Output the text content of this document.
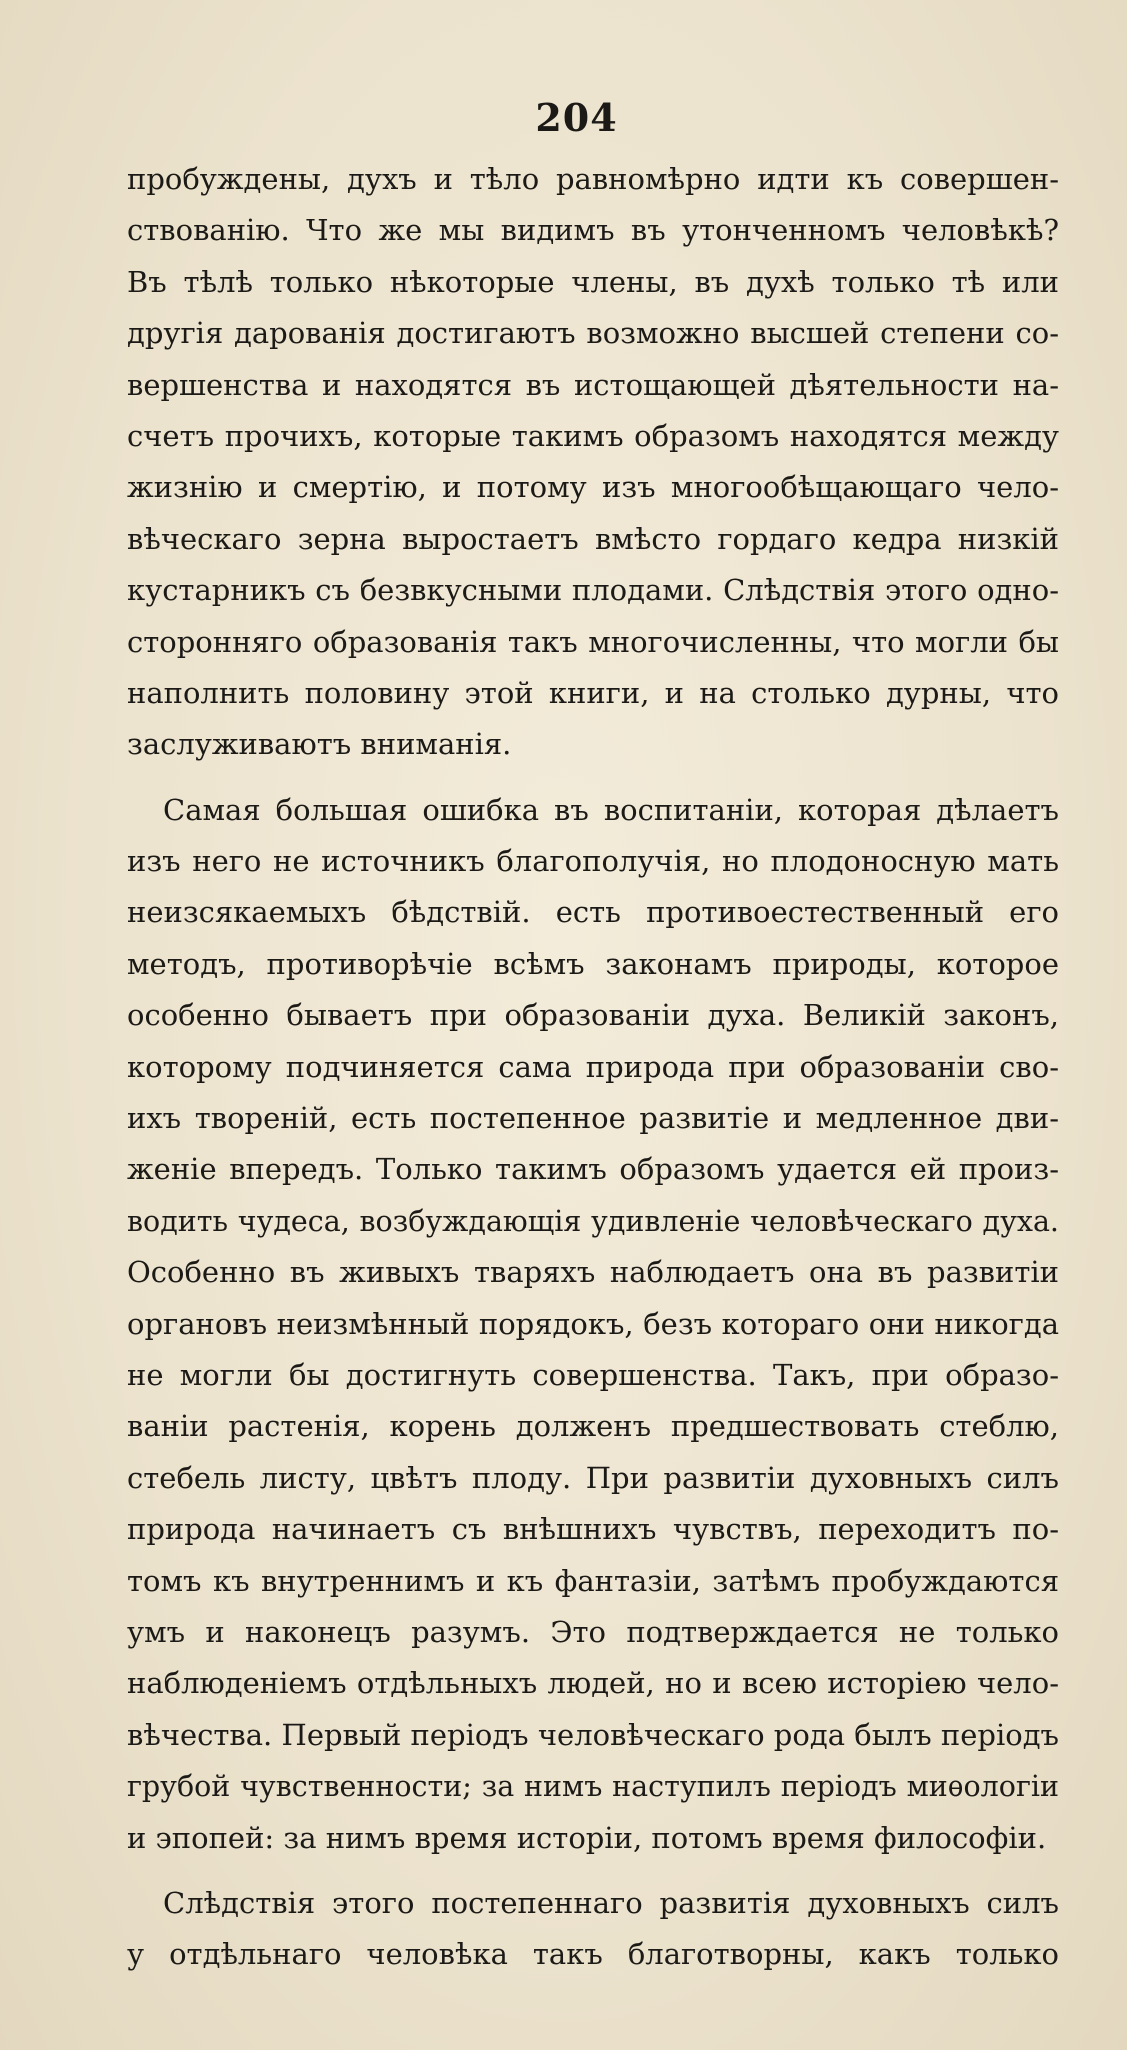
204
пробуждены, духъ и тѣло равномѣрно идти къ совершен-
ствованію. Что же мы видимъ въ утонченномъ человѣкѣ?
Въ тѣлѣ только нѣкоторые члены, въ духѣ только тѣ или
другія дарованія достигаютъ возможно высшей степени со-
вершенства и находятся въ истощающей дѣятельности на-
счетъ прочихъ, которые такимъ образомъ находятся между
жизнію и смертію, и потому изъ многообѣщающаго чело-
вѣческаго зерна выростаетъ вмѣсто гордаго кедра низкій
кустарникъ съ безвкусными плодами. Слѣдствія этого одно-
сторонняго образованія такъ многочисленны, что могли бы
наполнить половину этой книги, и на столько дурны, что
заслуживаютъ вниманія.
Самая большая ошибка въ воспитаніи, которая дѣлаетъ
изъ него не источникъ благополучія, но плодоносную мать
неизсякаемыхъ бѣдствій. есть противоестественный его
методъ, противорѣчіе всѣмъ законамъ природы, которое
особенно бываетъ при образованіи духа. Великій законъ,
которому подчиняется сама природа при образованіи сво-
ихъ твореній, есть постепенное развитіе и медленное дви-
женіе впередъ. Только такимъ образомъ удается ей произ-
водить чудеса, возбуждающія удивленіе человѣческаго духа.
Особенно въ живыхъ тваряхъ наблюдаетъ она въ развитіи
органовъ неизмѣнный порядокъ, безъ котораго они никогда
не могли бы достигнуть совершенства. Такъ, при образо-
ваніи растенія, корень долженъ предшествовать стеблю,
стебель листу, цвѣтъ плоду. При развитіи духовныхъ силъ
природа начинаетъ съ внѣшнихъ чувствъ, переходитъ по-
томъ къ внутреннимъ и къ фантазіи, затѣмъ пробуждаются
умъ и наконецъ разумъ. Это подтверждается не только
наблюденіемъ отдѣльныхъ людей, но и всею исторіею чело-
вѣчества. Первый періодъ человѣческаго рода былъ періодъ
грубой чувственности; за нимъ наступилъ періодъ миѳологіи
и эпопей: за нимъ время исторіи, потомъ время философіи.
Слѣдствія этого постепеннаго развитія духовныхъ силъ
у отдѣльнаго человѣка такъ благотворны, какъ только
